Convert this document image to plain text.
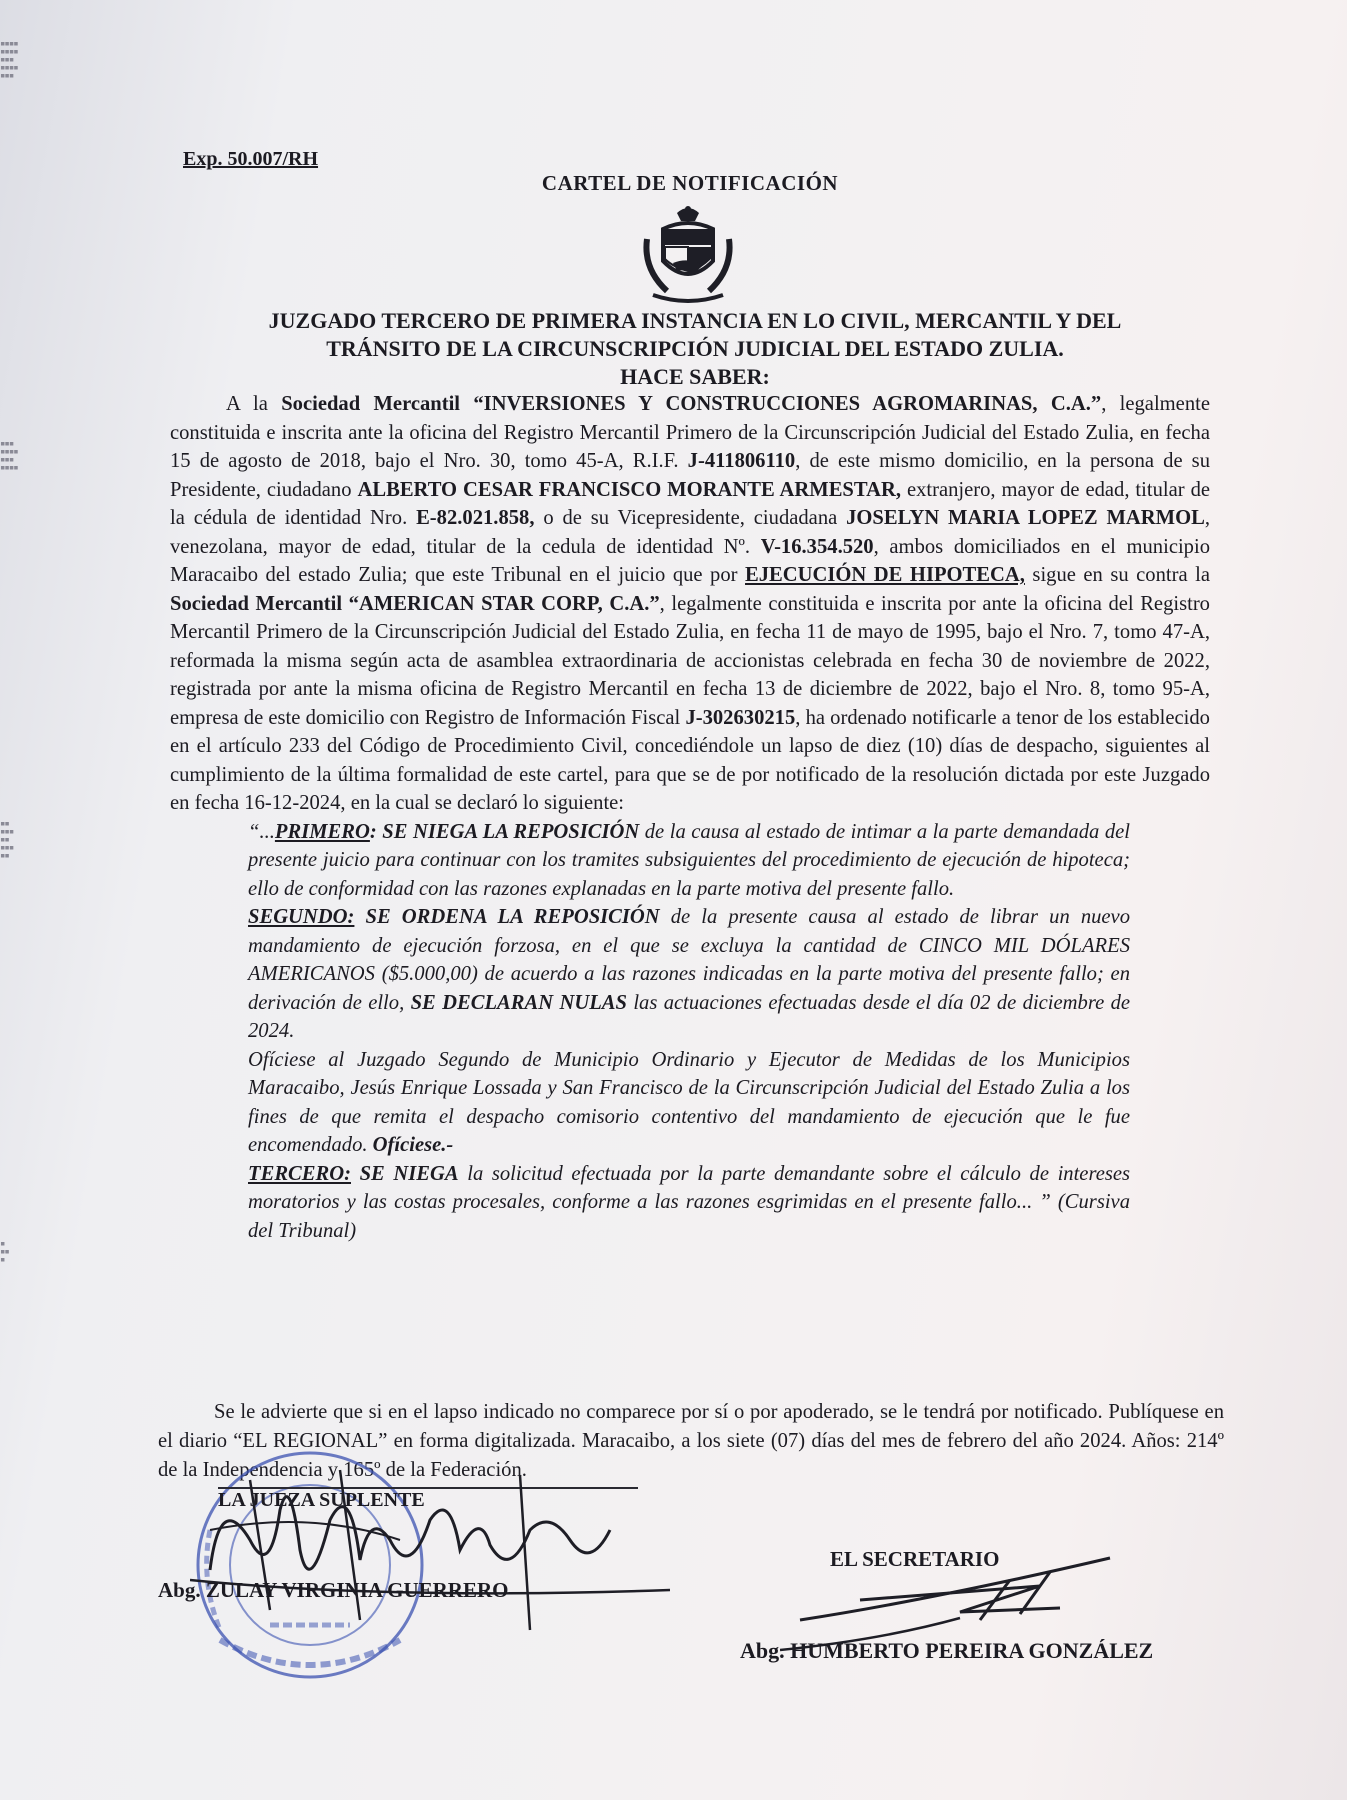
▪▪▪▪
▪▪▪▪
▪▪▪
▪▪▪▪
▪▪▪
▪▪▪
▪▪▪▪
▪▪▪
▪▪▪▪
▪▪
▪▪▪
▪▪
▪▪▪
▪▪
▪
▪▪
▪
Exp. 50.007/RH
CARTEL DE NOTIFICACIÓN
JUZGADO TERCERO DE PRIMERA INSTANCIA EN LO CIVIL, MERCANTIL Y DEL
TRÁNSITO DE LA CIRCUNSCRIPCIÓN JUDICIAL DEL ESTADO ZULIA.
HACE SABER:

A la Sociedad Mercantil “INVERSIONES Y CONSTRUCCIONES AGROMARINAS, C.A.”, legalmente constituida e inscrita ante la oficina del Registro Mercantil Primero de la Circunscripción Judicial del Estado Zulia, en fecha 15 de agosto de 2018, bajo el Nro. 30, tomo 45-A, R.I.F. J-411806110, de este mismo domicilio, en la persona de su Presidente, ciudadano ALBERTO CESAR FRANCISCO MORANTE ARMESTAR, extranjero, mayor de edad, titular de la cédula de identidad Nro. E-82.021.858, o de su Vicepresidente, ciudadana JOSELYN MARIA LOPEZ MARMOL, venezolana, mayor de edad, titular de la cedula de identidad Nº. V-16.354.520, ambos domiciliados en el municipio Maracaibo del estado Zulia; que este Tribunal en el juicio que por EJECUCIÓN DE HIPOTECA, sigue en su contra la Sociedad Mercantil “AMERICAN STAR CORP, C.A.”, legalmente constituida e inscrita por ante la oficina del Registro Mercantil Primero de la Circunscripción Judicial del Estado Zulia, en fecha 11 de mayo de 1995, bajo el Nro. 7, tomo 47-A, reformada la misma según acta de asamblea extraordinaria de accionistas celebrada en fecha 30 de noviembre de 2022, registrada por ante la misma oficina de Registro Mercantil en fecha 13 de diciembre de 2022, bajo el Nro. 8, tomo 95-A, empresa de este domicilio con Registro de Información Fiscal J-302630215, ha ordenado notificarle a tenor de los establecido en el artículo 233 del Código de Procedimiento Civil, concediéndole un lapso de diez (10) días de despacho, siguientes al cumplimiento de la última formalidad de este cartel, para que se de por notificado de la resolución dictada por este Juzgado en fecha 16-12-2024, en la cual se declaró lo siguiente:

“...PRIMERO: SE NIEGA LA REPOSICIÓN de la causa al estado de intimar a la parte demandada del presente juicio para continuar con los tramites subsiguientes del procedimiento de ejecución de hipoteca; ello de conformidad con las razones explanadas en la parte motiva del presente fallo.

SEGUNDO: SE ORDENA LA REPOSICIÓN de la presente causa al estado de librar un nuevo mandamiento de ejecución forzosa, en el que se excluya la cantidad de CINCO MIL DÓLARES AMERICANOS ($5.000,00) de acuerdo a las razones indicadas en la parte motiva del presente fallo; en derivación de ello, SE DECLARAN NULAS las actuaciones efectuadas desde el día 02 de diciembre de 2024.

Ofíciese al Juzgado Segundo de Municipio Ordinario y Ejecutor de Medidas de los Municipios Maracaibo, Jesús Enrique Lossada y San Francisco de la Circunscripción Judicial del Estado Zulia a los fines de que remita el despacho comisorio contentivo del mandamiento de ejecución que le fue encomendado. Ofíciese.-

TERCERO: SE NIEGA la solicitud efectuada por la parte demandante sobre el cálculo de intereses moratorios y las costas procesales, conforme a las razones esgrimidas en el presente fallo... ” (Cursiva del Tribunal)

Se le advierte que si en el lapso indicado no comparece por sí o por apoderado, se le tendrá por notificado. Publíquese en el diario “EL REGIONAL” en forma digitalizada. Maracaibo, a los siete (07) días del mes de febrero del año 2024. Años: 214º de la Independencia y 165º de la Federación.

LA JUEZA SUPLENTE
Abg. ZULAY VIRGINIA GUERRERO
EL SECRETARIO
Abg. HUMBERTO PEREIRA GONZÁLEZ
